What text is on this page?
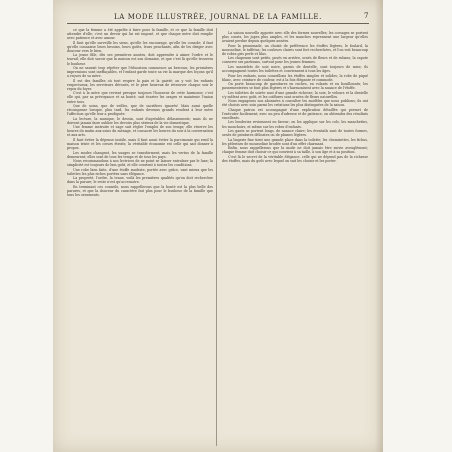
LA MODE ILLUSTRÉE, JOURNAL DE LA FAMILLE.	7

ce que la femme a été appelée à faire pour la famille, et ce que la famille doit attendre d'elle; c'est un devoir qui lui est imposé, et que chaque mère doit remplir avec patience et avec amour.

Il faut qu'elle surveille les siens, qu'elle les encourage, qu'elle les console; il faut qu'elle connaisse leurs besoins, leurs goûts, leurs penchants, afin de les diriger avec douceur vers le bien.

La jeune fille, dès ses premières années, doit apprendre à aimer l'ordre et le travail; elle doit savoir que la maison est son domaine, et que c'est là qu'elle trouvera le bonheur.

On ne saurait trop répéter que l'éducation commence au berceau; les premières impressions sont ineffaçables, et l'enfant garde toute sa vie la marque des leçons qu'il a reçues de sa mère.

Il est des familles où tout respire la paix et la gaieté; on y voit les enfants respectueux, les serviteurs dévoués, et le père heureux de retrouver chaque soir le repos du foyer.

C'est à la mère que revient presque toujours l'honneur de cette harmonie; c'est elle qui, par sa prévoyance et sa bonté, sait écarter les orages et maintenir l'union entre tous.

Que de soins, que de veilles, que de sacrifices ignorés! Mais aussi quelle récompense lorsque, plus tard, les enfants devenus grands rendent à leur mère l'affection qu'elle leur a prodiguée.

La lecture, la musique, le dessin, sont d'agréables délassements; mais ils ne doivent jamais faire oublier les devoirs plus sérieux de la vie domestique.

Une femme instruite et sage sait régler l'emploi de son temps; elle réserve les heures du matin aux soins du ménage, et consacre les heures du soir à la conversation et aux arts.

Il faut éviter la dépense inutile, mais il faut aussi éviter la parcimonie qui rend la maison triste et les cœurs étroits; la véritable économie est celle qui sait donner à propos.

Les modes changent, les usages se transforment, mais les vertus de la famille demeurent; elles sont de tous les temps et de tous les pays.

Nous recommandons à nos lectrices de ne point se laisser entraîner par le luxe; la simplicité est toujours de bon goût, et elle convient à toutes les conditions.

Une robe bien faite, d'une étoffe modeste, portée avec grâce, vaut mieux que les toilettes les plus riches portées sans élégance.

La propreté, l'ordre, la tenue, voilà les premières qualités qu'on doit rechercher dans la parure; le reste n'est qu'accessoire.

En terminant ces conseils, nous rappellerons que la bonté est la plus belle des parures, et que la douceur du caractère fait plus pour le bonheur de la famille que tous les ornements.

La saison nouvelle apporte avec elle des formes nouvelles; les corsages se portent plus courts, les jupes plus amples, et les manches reprennent une largeur qu'elles avaient perdue depuis quelques années.

Pour la promenade, on choisit de préférence les étoffes légères, le foulard, la mousseline, le taffetas; les couleurs claires sont fort recherchées, et l'on voit beaucoup de robes gris perle et lilas.

Les chapeaux sont petits, posés en arrière, ornés de fleurs et de rubans; la capote conserve ses partisans, surtout pour les jeunes femmes.

Les mantelets de soie noire, garnis de dentelle, sont toujours de mise; ils accompagnent toutes les toilettes et conviennent à tous les âges.

Pour les enfants, nous conseillons les étoffes simples et solides; la robe de piqué blanc, avec ceinture de couleur, est à la fois élégante et commode.

On porte beaucoup de garnitures en ruches, en volants et en bouillonnés; les passementeries se font plus légères et s'harmonisent avec la nuance de l'étoffe.

Les toilettes de soirée sont d'une grande richesse; la soie, le velours et la dentelle s'y mêlent avec goût, et les coiffures sont ornées de fleurs naturelles.

Nous engageons nos abonnées à consulter les modèles que nous publions; ils ont été choisis avec soin parmi les créations les plus distinguées de la saison.

Chaque patron est accompagné d'une explication détaillée qui permet de l'exécuter facilement; avec un peu d'adresse et de patience, on obtiendra des résultats excellents.

Les broderies reviennent en faveur; on les applique sur les cols, les manchettes, les mouchoirs, et même sur les robes d'enfants.

Les gants se portent longs, de nuance claire; les éventails sont de toutes formes, ornés de peintures délicates ou de plumes légères.

La lingerie fine tient une grande place dans la toilette; les chemisettes, les fichus, les pèlerines de mousseline brodée sont d'un effet charmant.

Enfin, nous rappellerons que la mode ne doit jamais être suivie aveuglément; chaque femme doit choisir ce qui convient à sa taille, à son âge et à sa position.

C'est là le secret de la véritable élégance, celle qui ne dépend pas de la richesse des étoffes, mais du goût avec lequel on sait les choisir et les porter.
